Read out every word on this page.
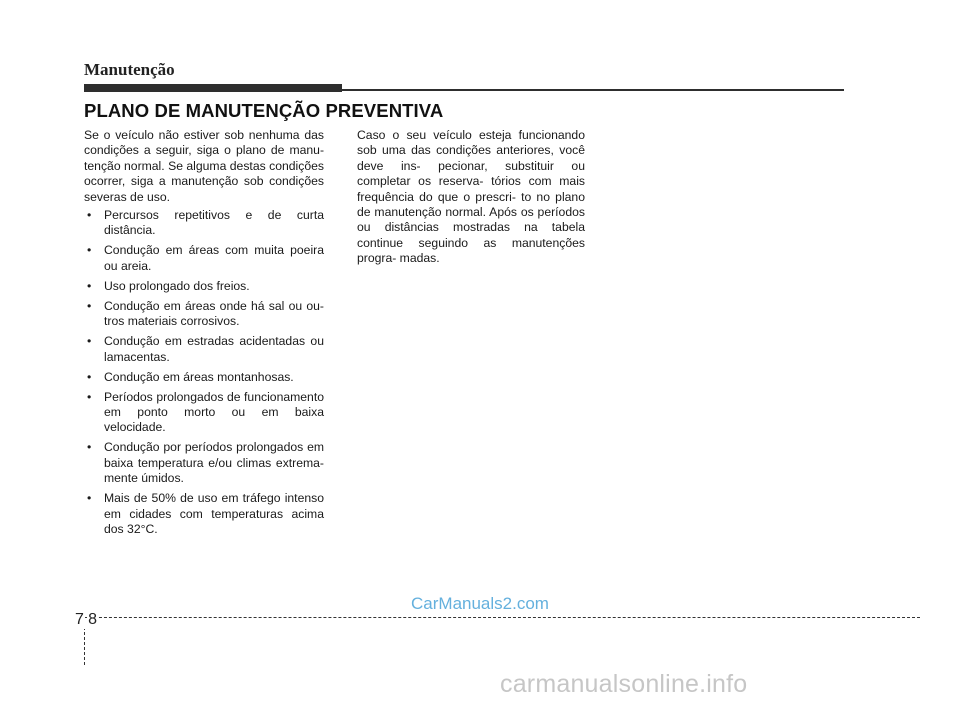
Manutenção
PLANO DE MANUTENÇÃO PREVENTIVA

Se o veículo não estiver sob nenhuma das condições a seguir, siga o plano de manu- tenção normal. Se alguma destas condições ocorrer, siga a manutenção sob condições severas de uso.

• Percursos repetitivos e de curta distância.
• Condução em áreas com muita poeira ou areia.
• Uso prolongado dos freios.
• Condução em áreas onde há sal ou ou- tros materiais corrosivos.
• Condução em estradas acidentadas ou lamacentas.
• Condução em áreas montanhosas.
• Períodos prolongados de funcionamento em ponto morto ou em baixa velocidade.
• Condução por períodos prolongados em baixa temperatura e/ou climas extrema- mente úmidos.
• Mais de 50% de uso em tráfego intenso em cidades com temperaturas acima dos 32°C.

Caso o seu veículo esteja funcionando sob uma das condições anteriores, você deve ins- pecionar, substituir ou completar os reserva- tórios com mais frequência do que o prescri- to no plano de manutenção normal. Após os períodos ou distâncias mostradas na tabela continue seguindo as manutenções progra- madas.

CarManuals2.com

7 8

carmanualsonline.info
